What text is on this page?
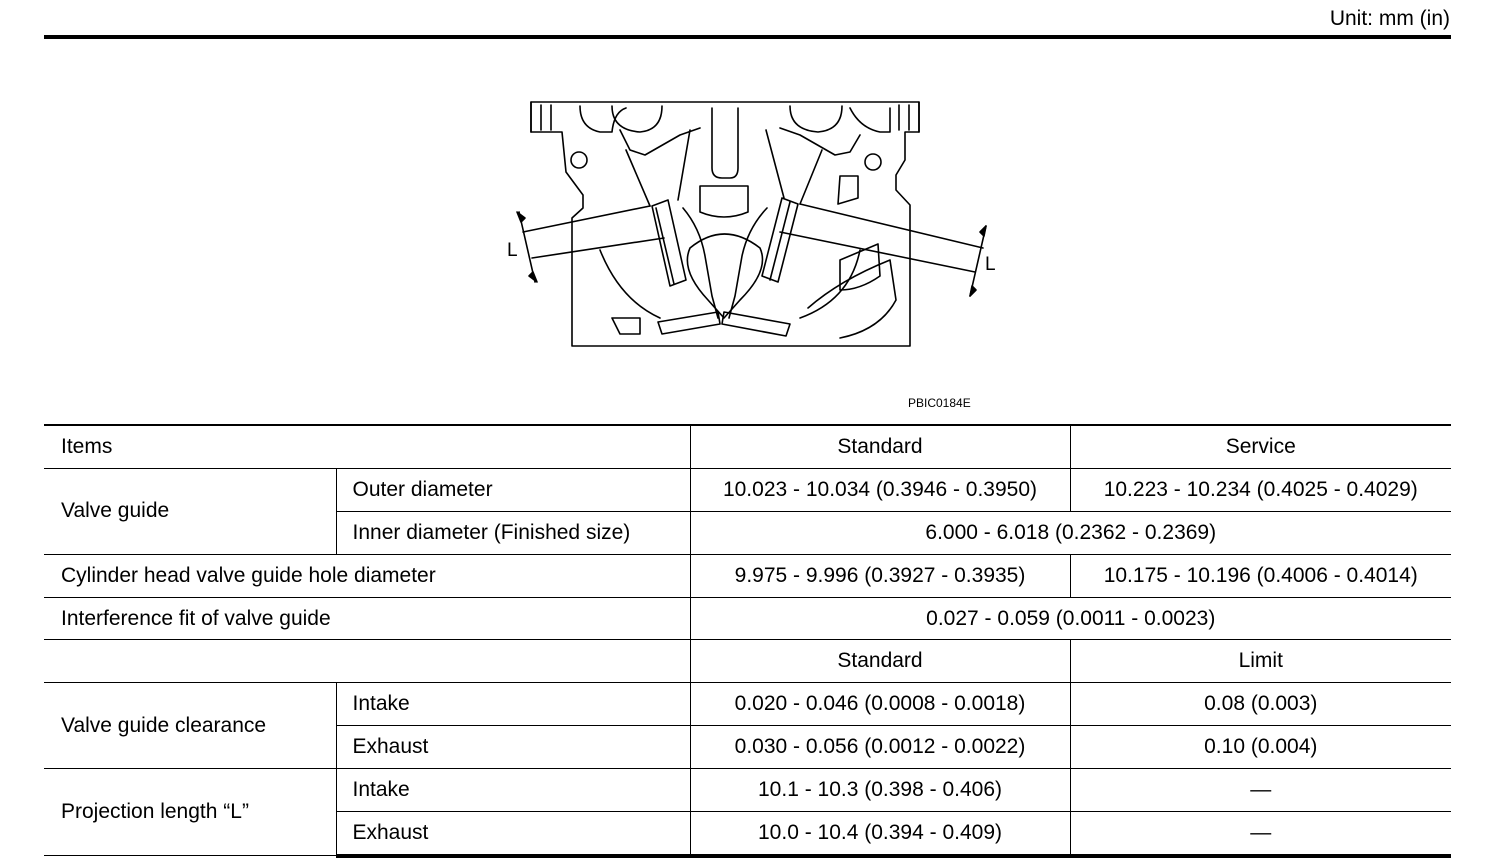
Unit: mm (in)
L
L
PBIC0184E
Items		Standard	Service
Valve guide	Outer diameter	10.023 - 10.034 (0.3946 - 0.3950)	10.223 - 10.234 (0.4025 - 0.4029)
	Inner diameter (Finished size)	6.000 - 6.018 (0.2362 - 0.2369)	
Cylinder head valve guide hole diameter		9.975 - 9.996 (0.3927 - 0.3935)	10.175 - 10.196 (0.4006 - 0.4014)
Interference fit of valve guide		0.027 - 0.059 (0.0011 - 0.0023)	
		Standard	Limit
Valve guide clearance	Intake	0.020 - 0.046 (0.0008 - 0.0018)	0.08 (0.003)
	Exhaust	0.030 - 0.056 (0.0012 - 0.0022)	0.10 (0.004)
Projection length “L”	Intake	10.1 - 10.3 (0.398 - 0.406)	—
	Exhaust	10.0 - 10.4 (0.394 - 0.409)	—
